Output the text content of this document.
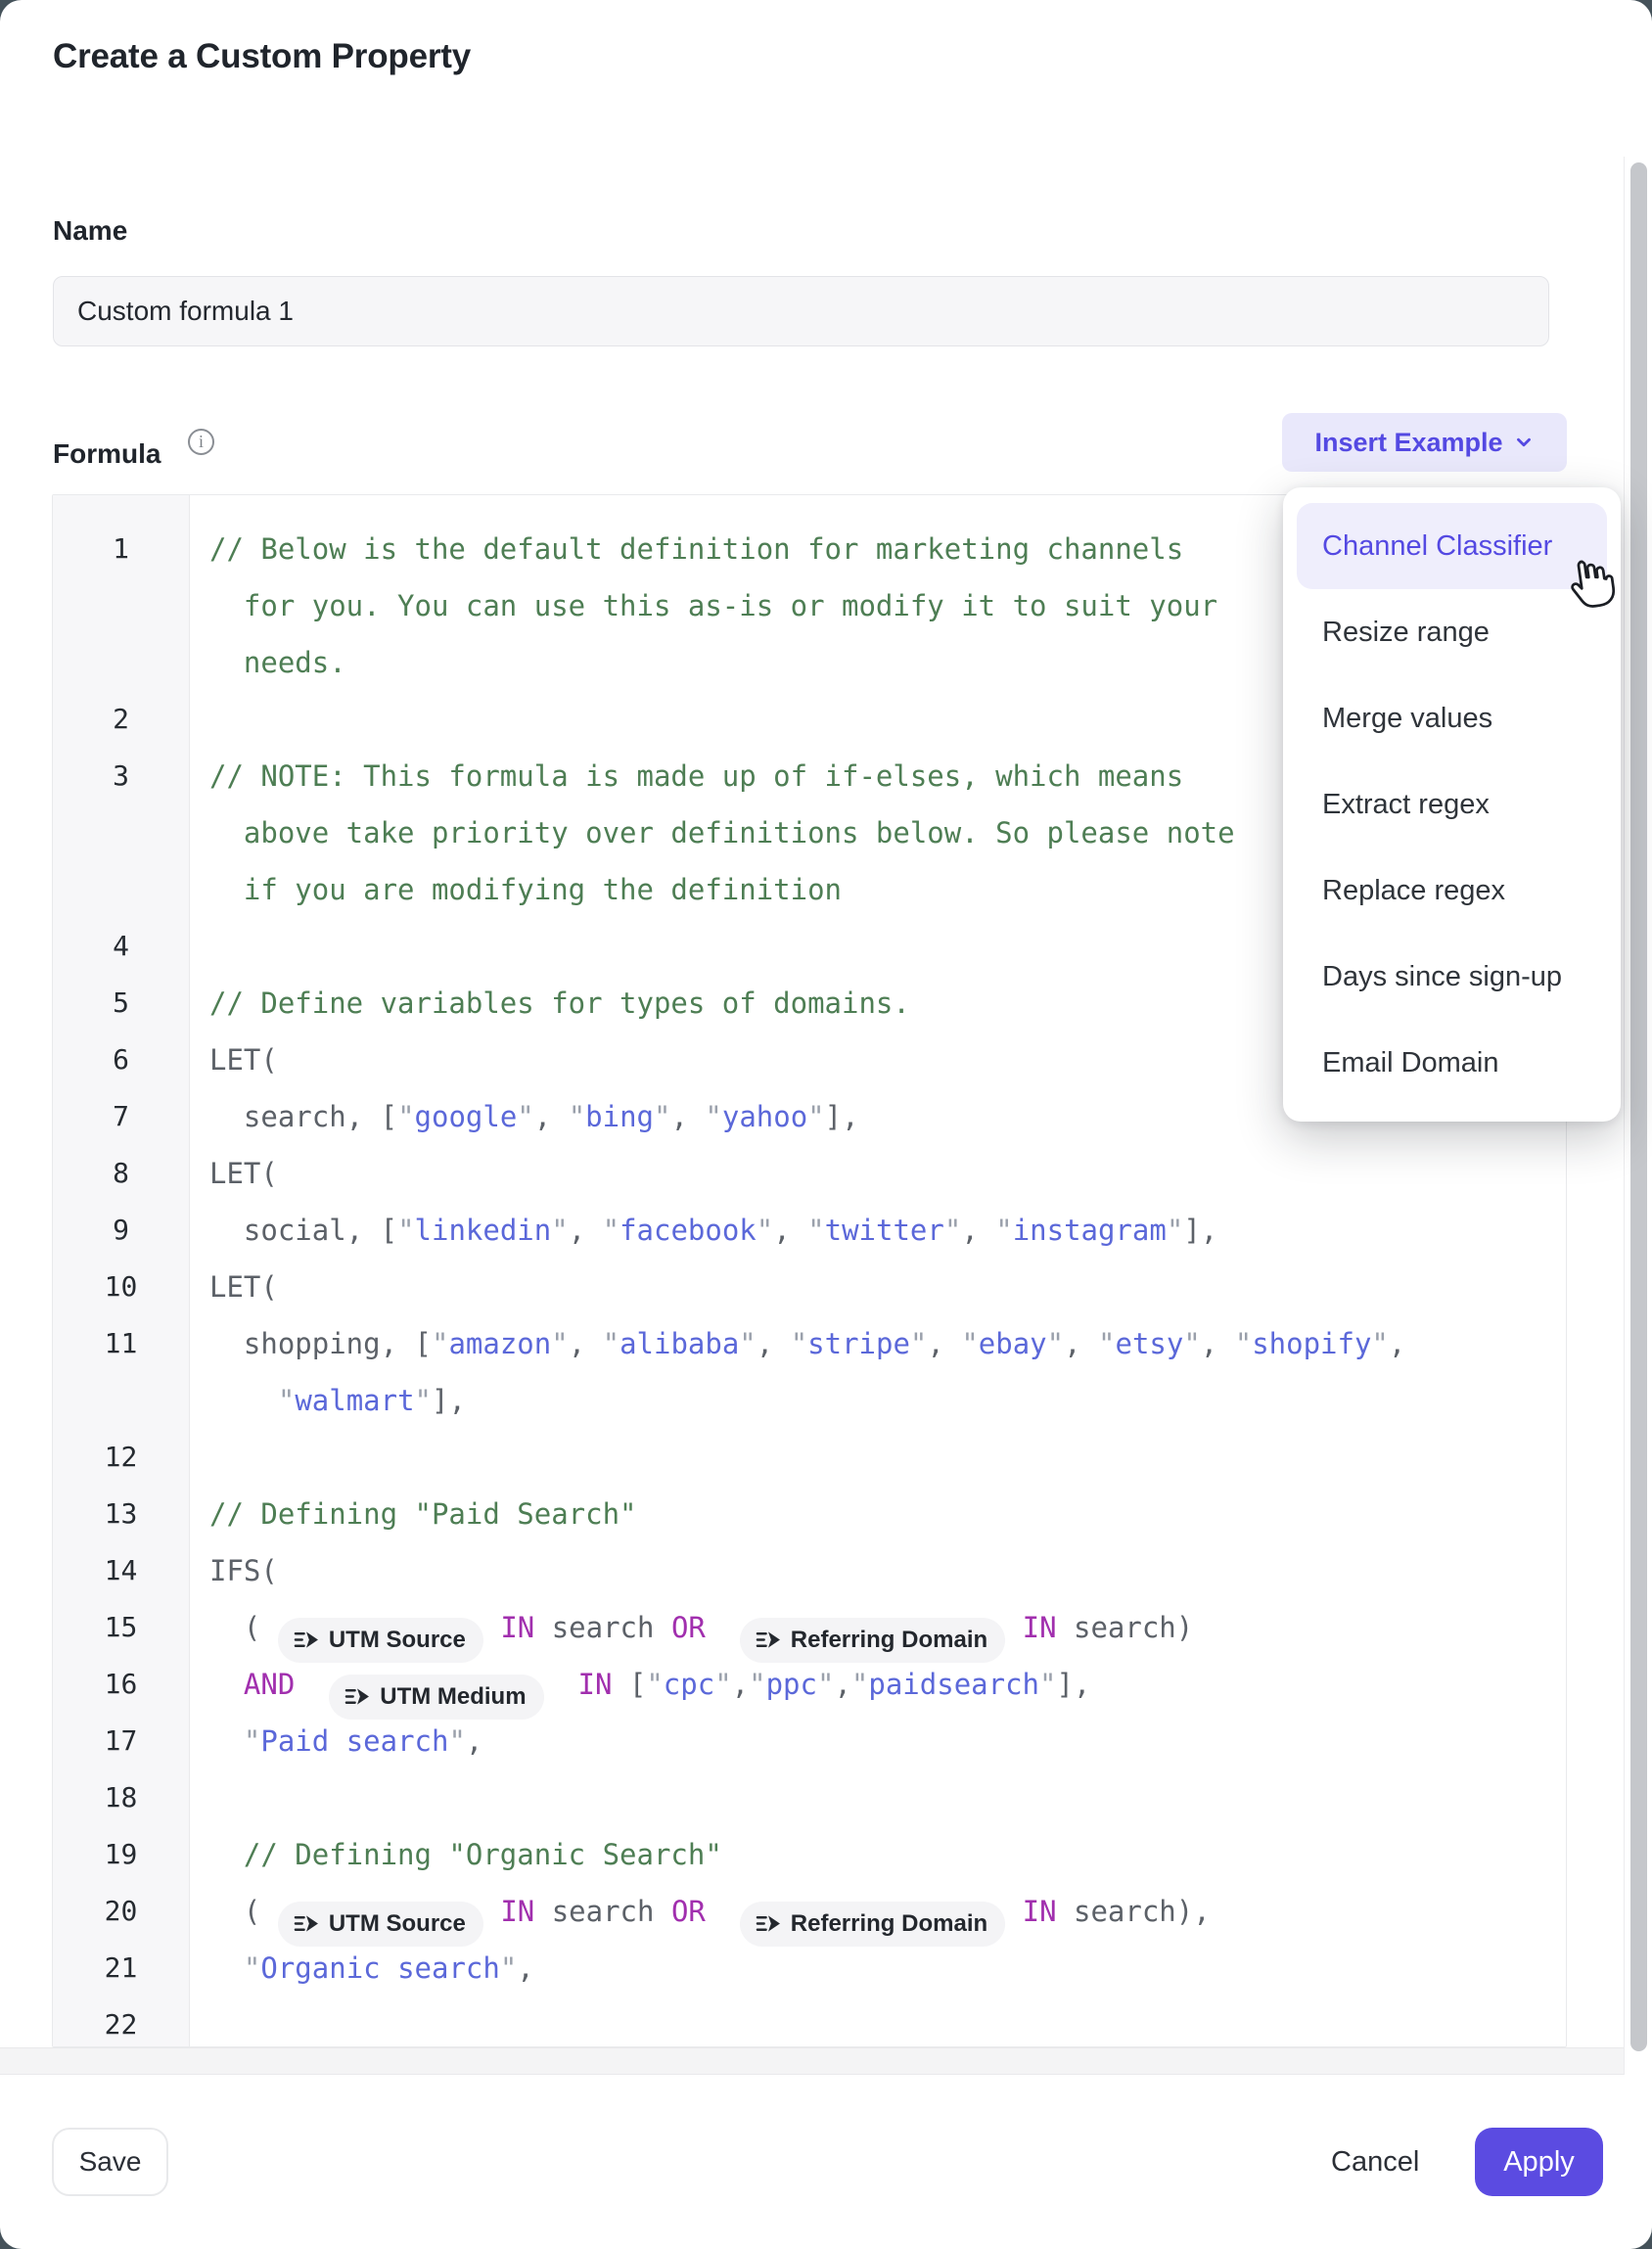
Create a Custom Property
Name
Custom formula 1
Formula	i	Insert Example
1	// Below is the default definition for marketing channels
for you. You can use this as-is or modify it to suit your
needs.
2
3	// NOTE: This formula is made up of if-elses, which means
above take priority over definitions below. So please note
if you are modifying the definition
4
5	// Define variables for types of domains.
6	LET(
7	search, ["google", "bing", "yahoo"],
8	LET(
9	social, ["linkedin", "facebook", "twitter", "instagram"],
10	LET(
11	shopping, ["amazon", "alibaba", "stripe", "ebay", "etsy", "shopify",
"walmart"],
12
13	// Defining "Paid Search"
14	IFS(
15	( UTM Source IN search OR	Referring Domain IN search)
16	AND	UTM Medium IN ["cpc","ppc","paidsearch"],
17	"Paid search",
18
19	// Defining "Organic Search"
20	( UTM Source IN search OR	Referring Domain IN search),
21	"Organic search",
22
Save	Cancel	Apply
Channel Classifier
Resize range
Merge values
Extract regex
Replace regex
Days since sign-up
Email Domain
